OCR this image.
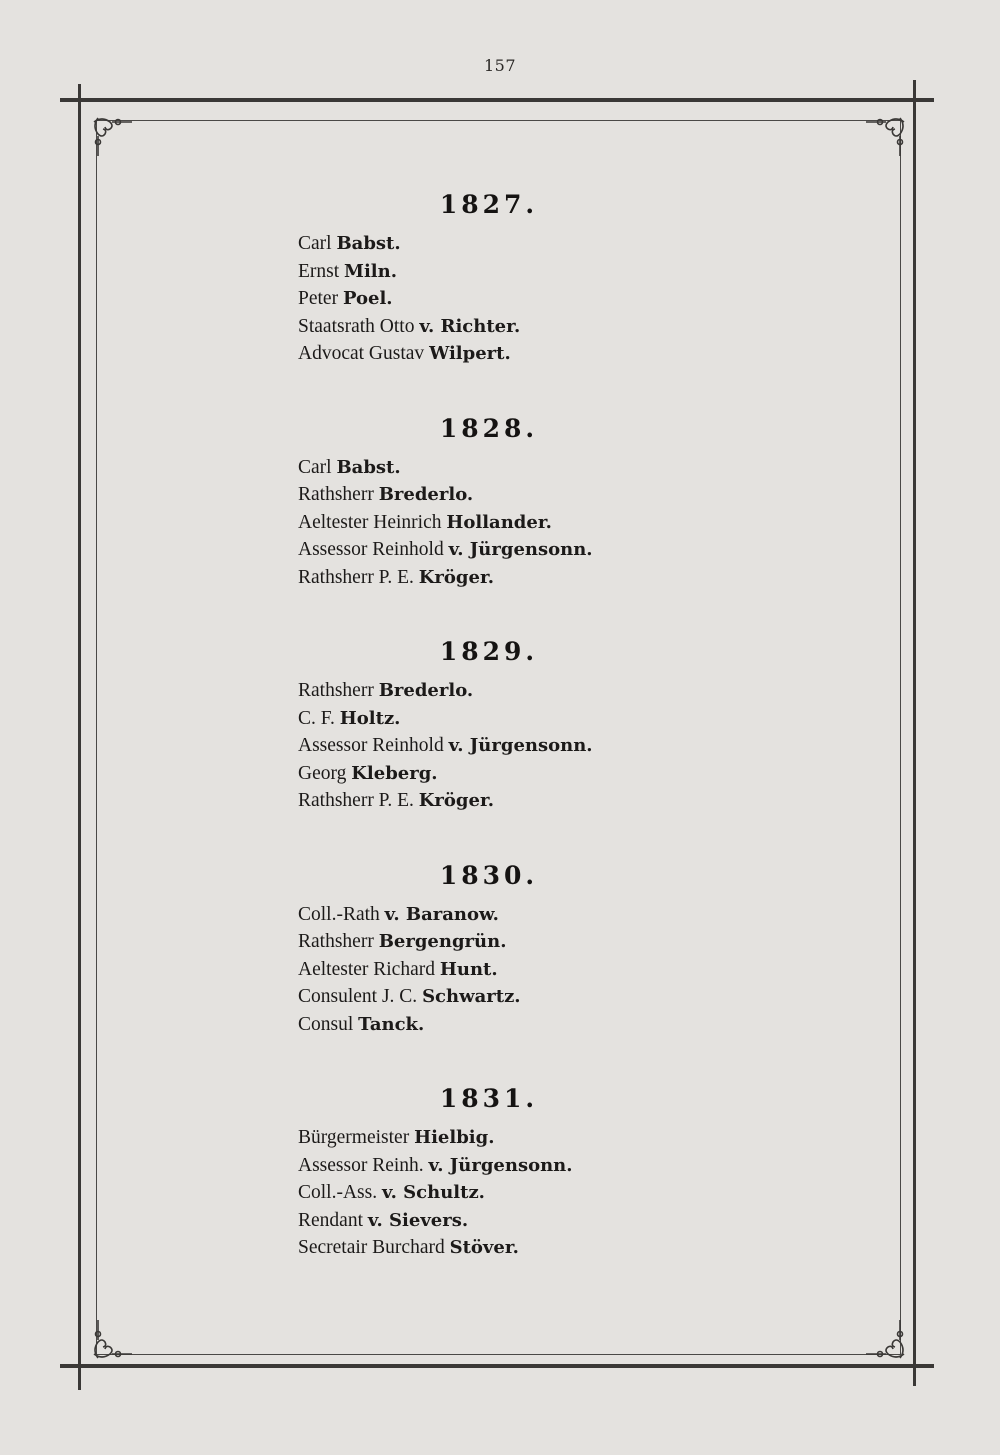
157
1827.
Carl Babst.
Ernst Miln.
Peter Poel.
Staatsrath Otto v. Richter.
Advocat Gustav Wilpert.
1828.
Carl Babst.
Rathsherr Brederlo.
Aeltester Heinrich Hollander.
Assessor Reinhold v. Jürgensonn.
Rathsherr P. E. Kröger.
1829.
Rathsherr Brederlo.
C. F. Holtz.
Assessor Reinhold v. Jürgensonn.
Georg Kleberg.
Rathsherr P. E. Kröger.
1830.
Coll.-Rath v. Baranow.
Rathsherr Bergengrün.
Aeltester Richard Hunt.
Consulent J. C. Schwartz.
Consul Tanck.
1831.
Bürgermeister Hielbig.
Assessor Reinh. v. Jürgensonn.
Coll.-Ass. v. Schultz.
Rendant v. Sievers.
Secretair Burchard Stöver.
